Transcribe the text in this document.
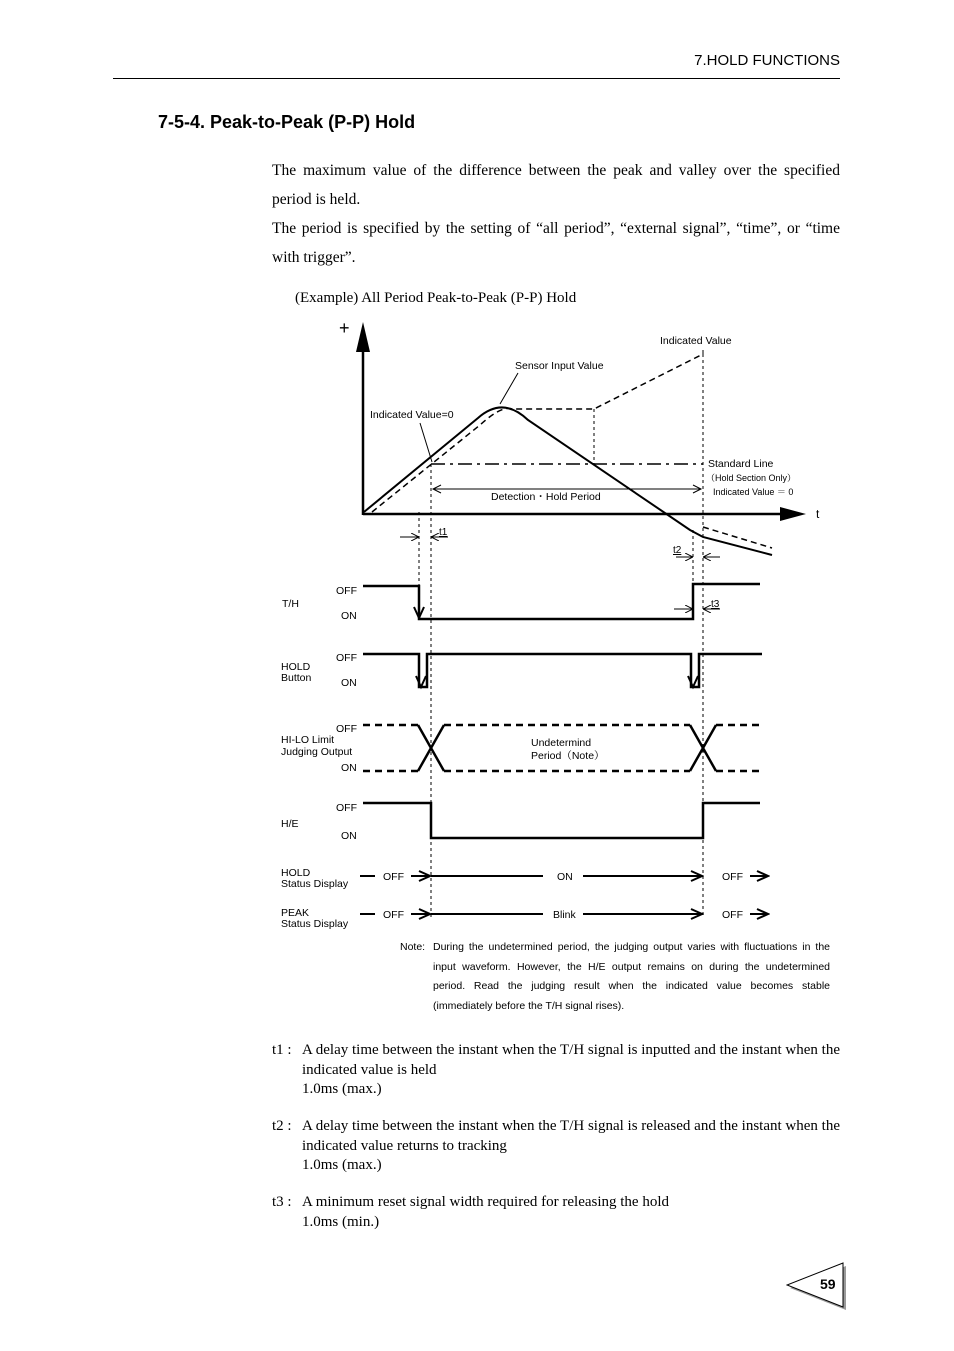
7.HOLD FUNCTIONS
7-5-4. Peak-to-Peak (P-P) Hold

The maximum value of the difference between the peak and valley over the specified period is held.

The period is specified by the setting of “all period”, “external signal”, “time”, or “time with trigger”.

(Example) All Period Peak-to-Peak (P-P) Hold
+
t
Indicated Value
Sensor Input Value
Indicated Value=0
Standard Line
（Hold Section Only）
Indicated Value ＝ 0
Detection・Hold Period
t1
t2
t3
T/H
OFF
ON
HOLD
Button
OFF
ON
HI-LO Limit
Judging Output
OFF
ON
Undetermind
Period（Note）
H/E
OFF
ON
HOLD
Status Display
OFF	ON	OFF
PEAK
Status Display
OFF	Blink	OFF
Note: During the undetermined period, the judging output varies with fluctuations in the input waveform. However, the H/E output remains on during the undetermined period. Read the judging result when the indicated value becomes stable (immediately before the T/H signal rises).
t1 : A delay time between the instant when the T/H signal is inputted and the instant when the indicated value is held
1.0ms (max.)
t2 : A delay time between the instant when the T/H signal is released and the instant when the indicated value returns to tracking
1.0ms (max.)
t3 : A minimum reset signal width required for releasing the hold
1.0ms (min.)
59
